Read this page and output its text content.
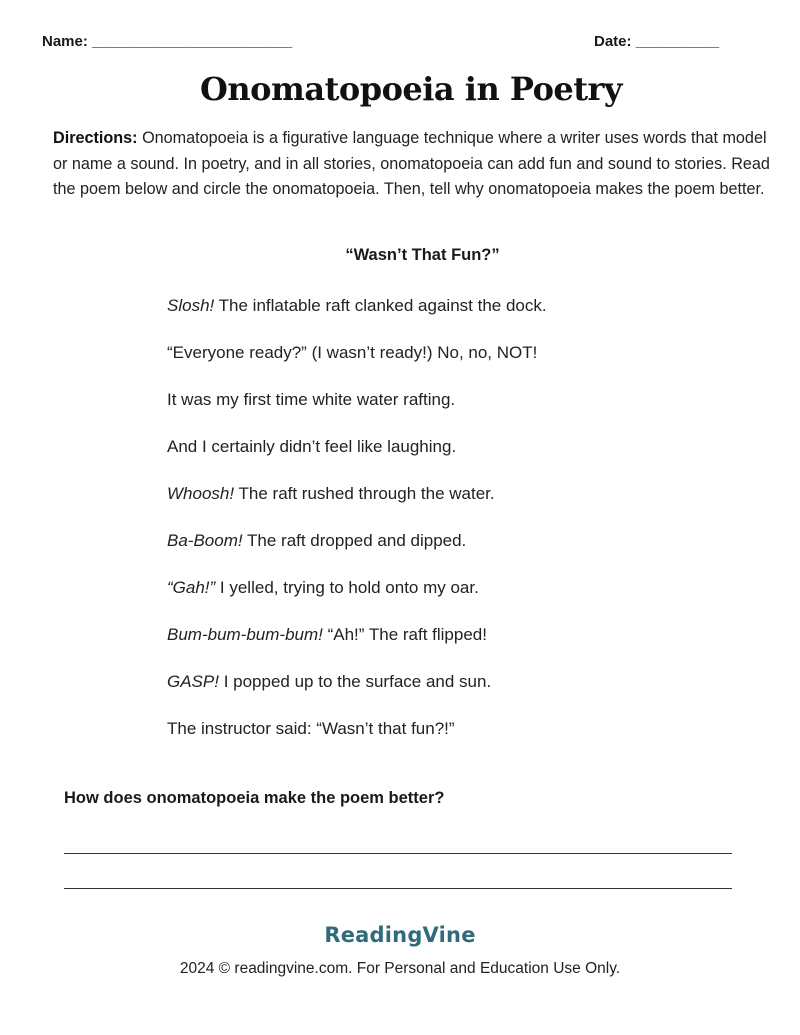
Name: ________________________	Date: __________
Onomatopoeia in Poetry
Directions: Onomatopoeia is a figurative language technique where a writer uses words that model or name a sound. In poetry, and in all stories, onomatopoeia can add fun and sound to stories. Read the poem below and circle the onomatopoeia. Then, tell why onomatopoeia makes the poem better.
“Wasn’t That Fun?”
Slosh! The inflatable raft clanked against the dock.
“Everyone ready?” (I wasn’t ready!) No, no, NOT!
It was my first time white water rafting.
And I certainly didn’t feel like laughing.
Whoosh! The raft rushed through the water.
Ba-Boom! The raft dropped and dipped.
“Gah!” I yelled, trying to hold onto my oar.
Bum-bum-bum-bum! “Ah!” The raft flipped!
GASP! I popped up to the surface and sun.
The instructor said: “Wasn’t that fun?!”
How does onomatopoeia make the poem better?
ReadingVine
2024 © readingvine.com. For Personal and Education Use Only.
